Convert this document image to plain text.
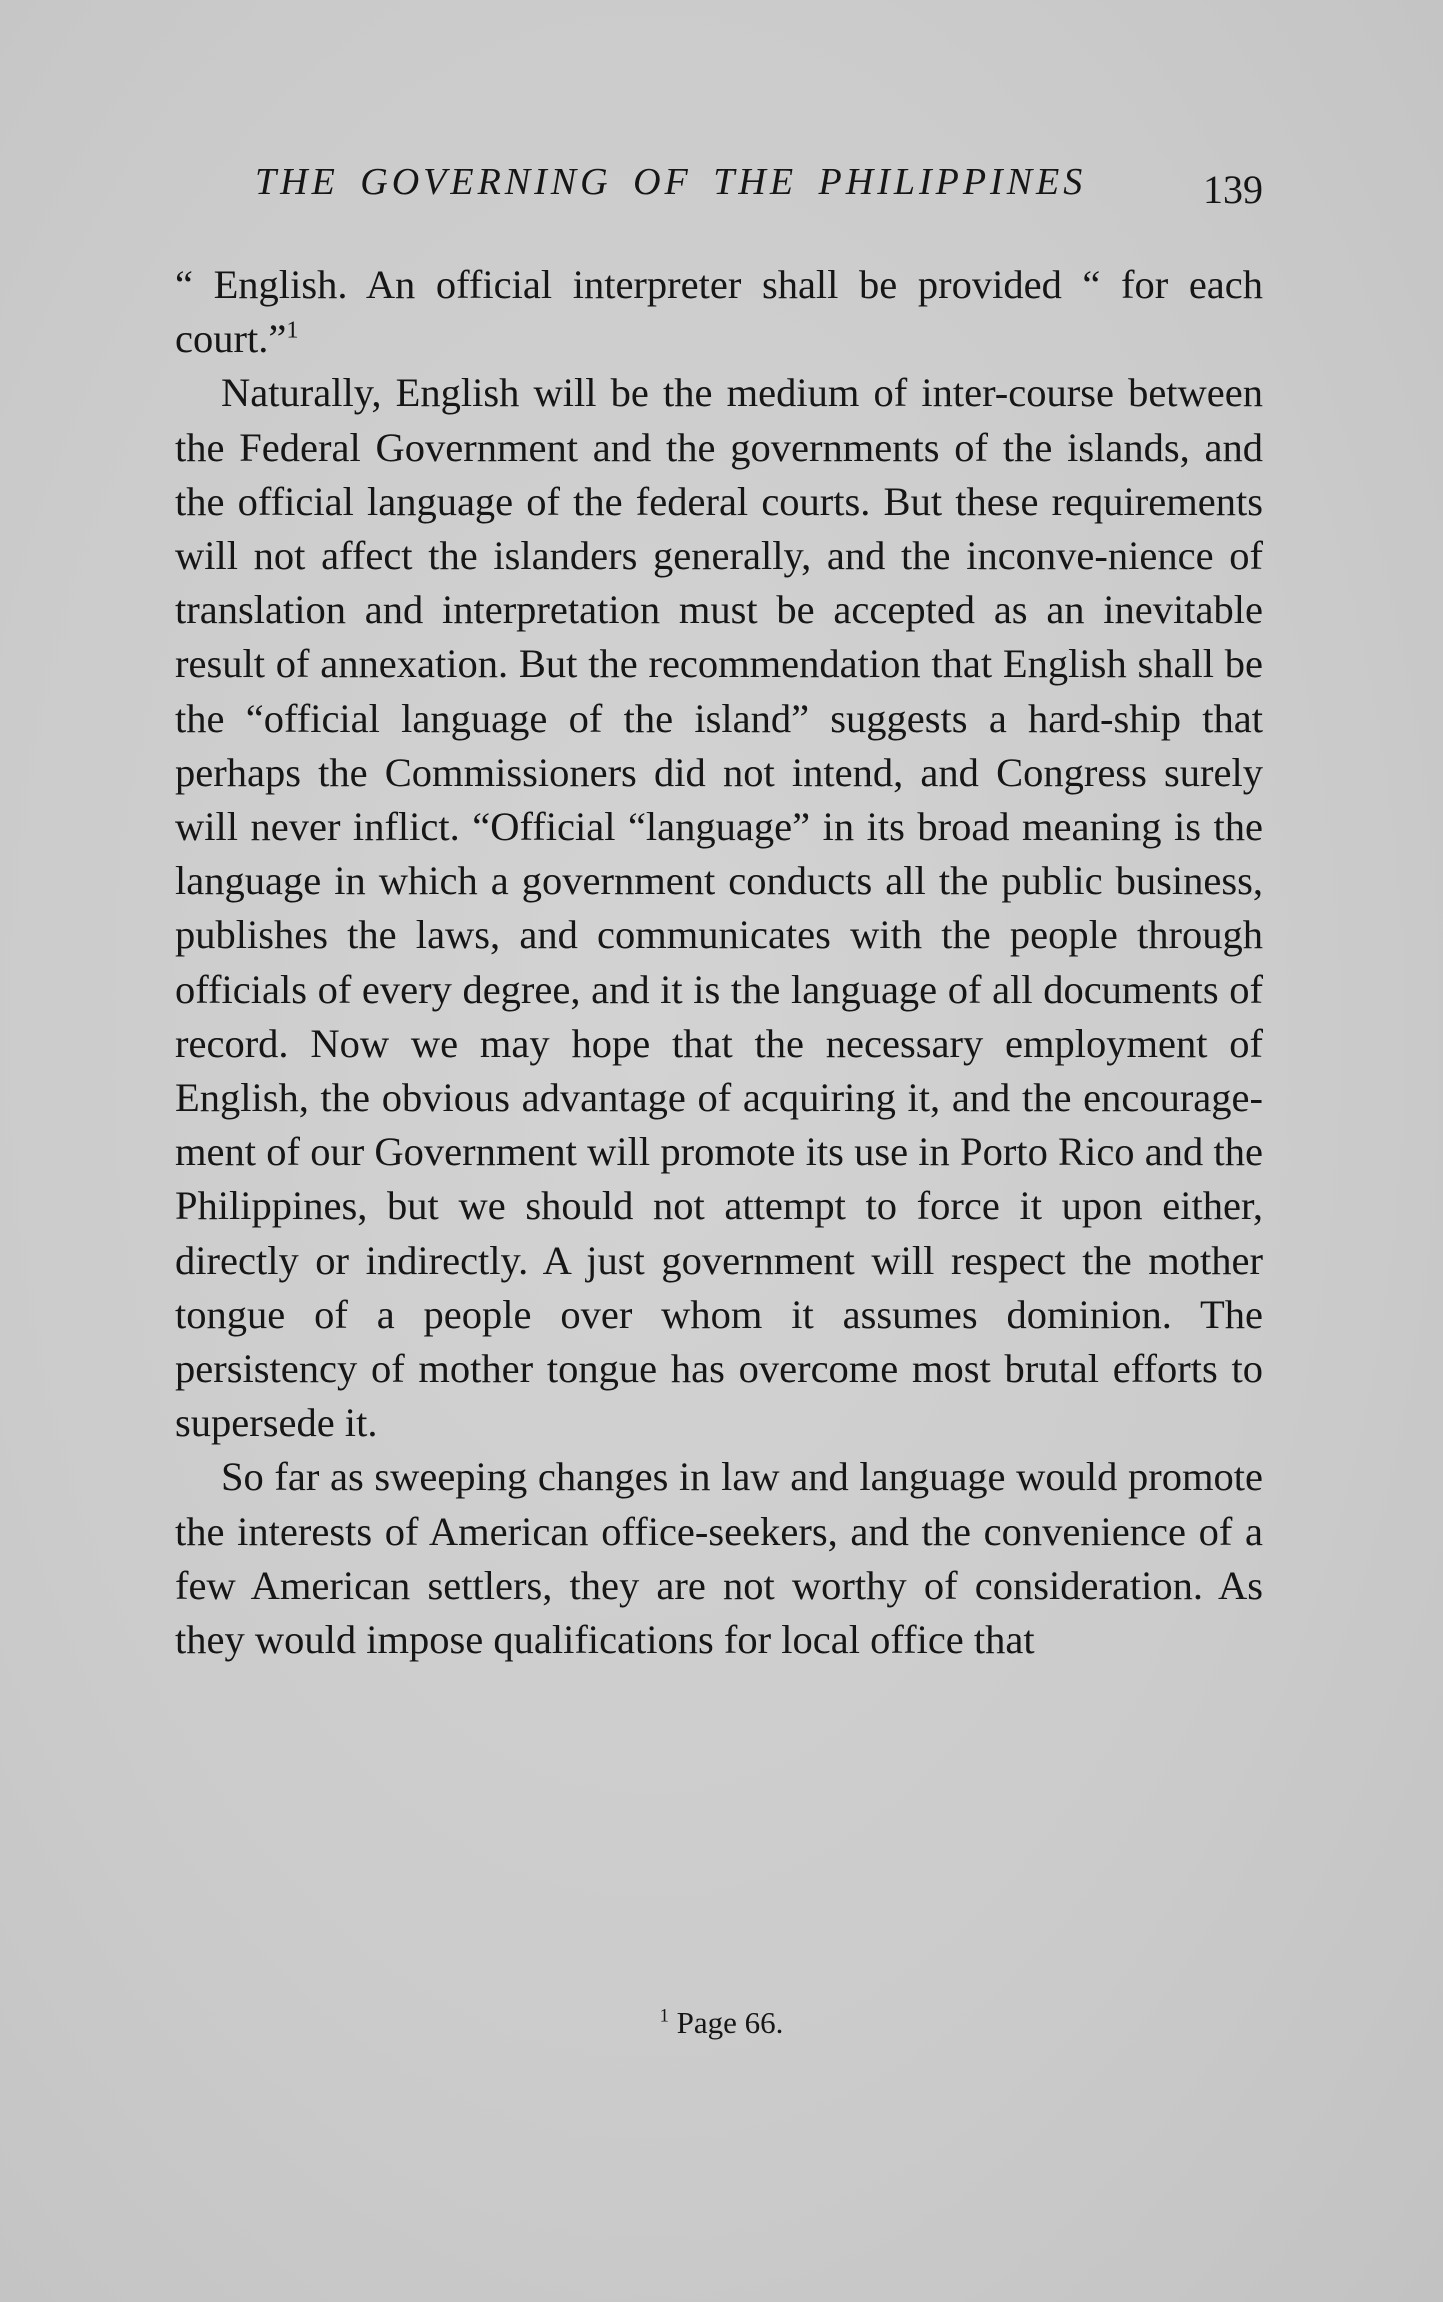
THE GOVERNING OF THE PHILIPPINES	139

“ English. An official interpreter shall be provided “ for each court.”$^1$

Naturally, English will be the medium of inter-course between the Federal Government and the governments of the islands, and the official language of the federal courts. But these requirements will not affect the islanders generally, and the inconve-nience of translation and interpretation must be accepted as an inevitable result of annexation. But the recommendation that English shall be the “official language of the island” suggests a hard-ship that perhaps the Commissioners did not intend, and Congress surely will never inflict. “Official “language” in its broad meaning is the language in which a government conducts all the public business, publishes the laws, and communicates with the people through officials of every degree, and it is the language of all documents of record. Now we may hope that the necessary employment of English, the obvious advantage of acquiring it, and the encourage-ment of our Government will promote its use in Porto Rico and the Philippines, but we should not attempt to force it upon either, directly or indirectly. A just government will respect the mother tongue of a people over whom it assumes dominion. The persistency of mother tongue has overcome most brutal efforts to supersede it.

So far as sweeping changes in law and language would promote the interests of American office-seekers, and the convenience of a few American settlers, they are not worthy of consideration. As they would impose qualifications for local office that

$^1$ Page 66.
